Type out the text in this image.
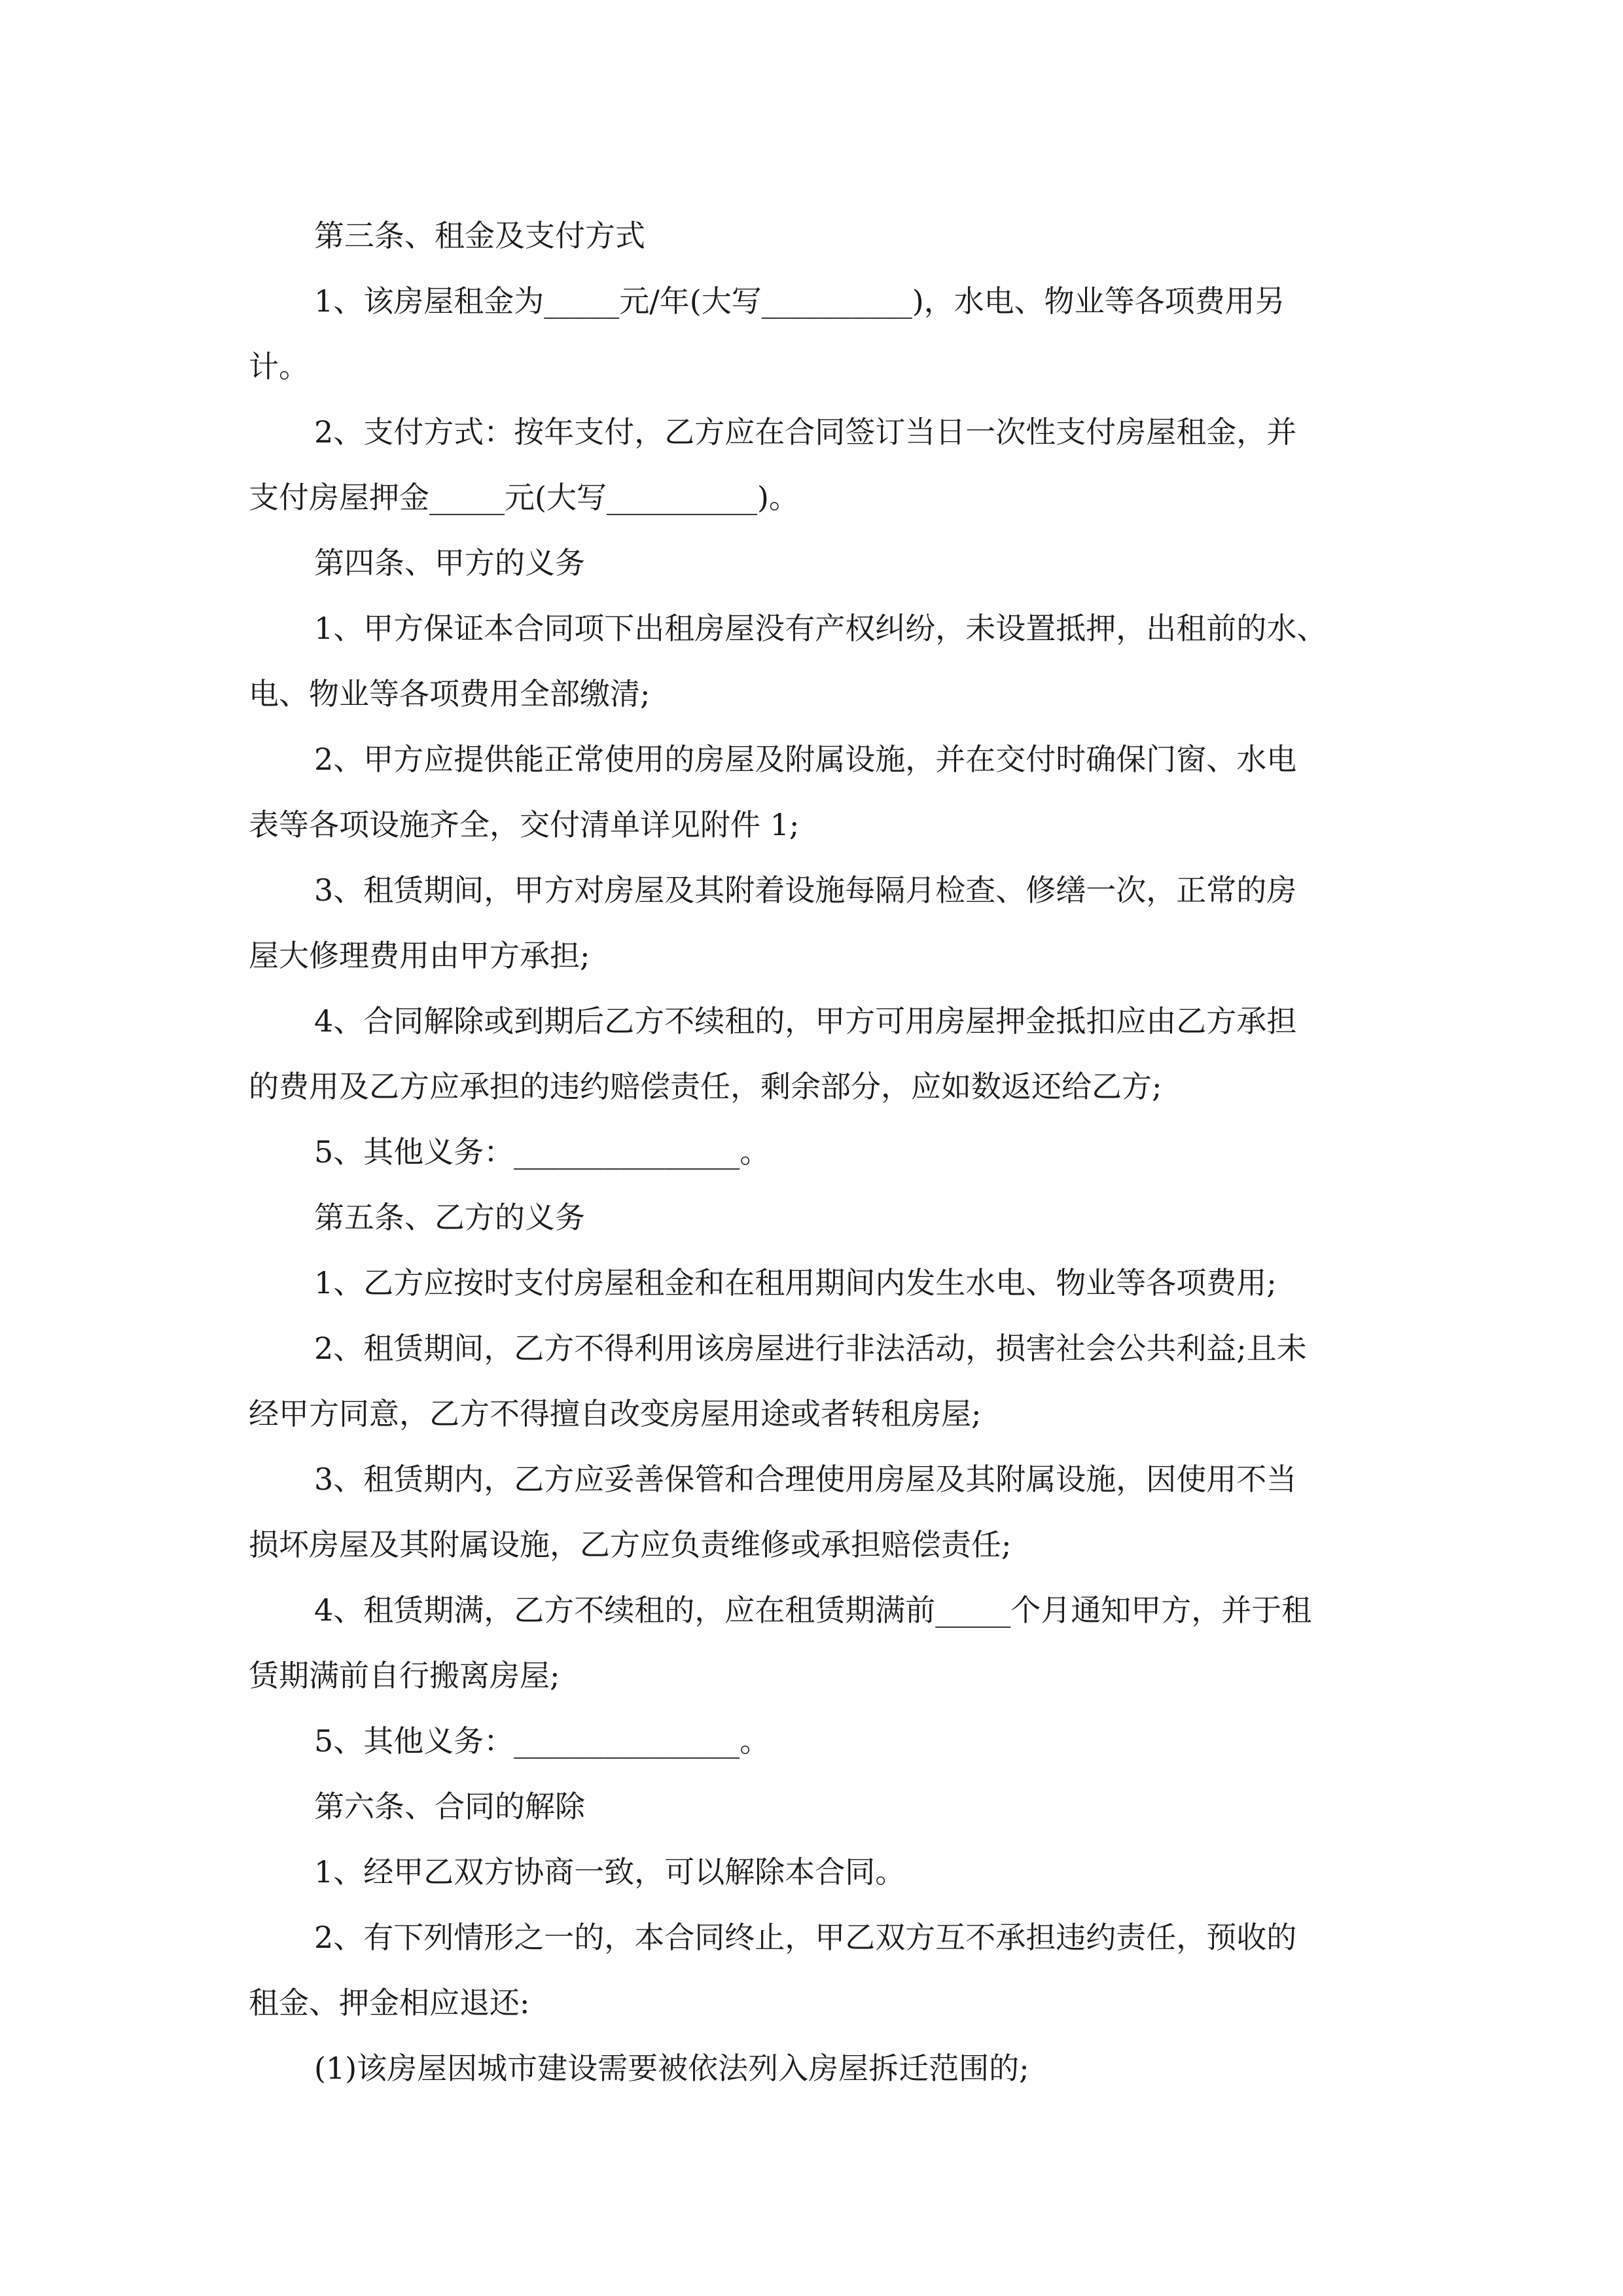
第三条、租金及支付方式
1、该房屋租金为_____元/年(大写__________)，水电、物业等各项费用另
计。
2、支付方式：按年支付，乙方应在合同签订当日一次性支付房屋租金，并
支付房屋押金_____元(大写__________)。
第四条、甲方的义务
1、甲方保证本合同项下出租房屋没有产权纠纷，未设置抵押，出租前的水、
电、物业等各项费用全部缴清;
2、甲方应提供能正常使用的房屋及附属设施，并在交付时确保门窗、水电
表等各项设施齐全，交付清单详见附件 1;
3、租赁期间，甲方对房屋及其附着设施每隔月检查、修缮一次，正常的房
屋大修理费用由甲方承担;
4、合同解除或到期后乙方不续租的，甲方可用房屋押金抵扣应由乙方承担
的费用及乙方应承担的违约赔偿责任，剩余部分，应如数返还给乙方;
5、其他义务：_______________。
第五条、乙方的义务
1、乙方应按时支付房屋租金和在租用期间内发生水电、物业等各项费用;
2、租赁期间，乙方不得利用该房屋进行非法活动，损害社会公共利益;且未
经甲方同意，乙方不得擅自改变房屋用途或者转租房屋;
3、租赁期内，乙方应妥善保管和合理使用房屋及其附属设施，因使用不当
损坏房屋及其附属设施，乙方应负责维修或承担赔偿责任;
4、租赁期满，乙方不续租的，应在租赁期满前_____个月通知甲方，并于租
赁期满前自行搬离房屋;
5、其他义务：_______________。
第六条、合同的解除
1、经甲乙双方协商一致，可以解除本合同。
2、有下列情形之一的，本合同终止，甲乙双方互不承担违约责任，预收的
租金、押金相应退还:
(1)该房屋因城市建设需要被依法列入房屋拆迁范围的;
